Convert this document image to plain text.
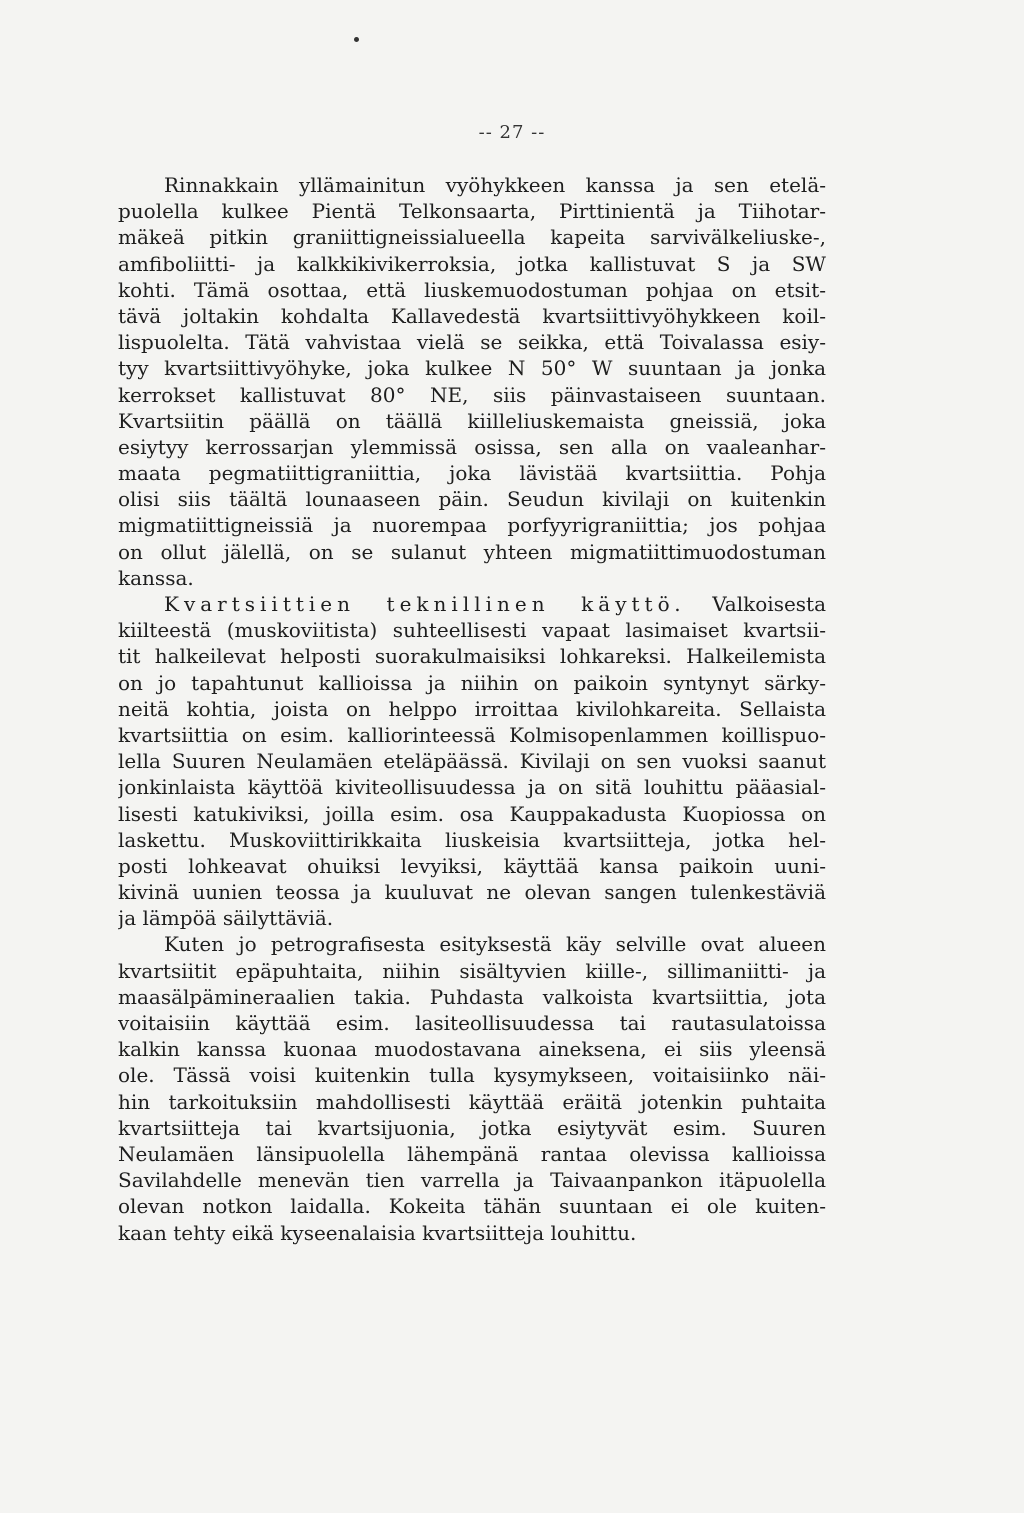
-- 27 --
Rinnakkain yllämainitun vyöhykkeen kanssa ja sen etelä-
puolella kulkee Pientä Telkonsaarta, Pirttinientä ja Tiihotar-
mäkeä pitkin graniittigneissialueella kapeita sarvivälkeliuske-,
amfiboliitti- ja kalkkikivikerroksia, jotka kallistuvat S ja SW
kohti. Tämä osottaa, että liuskemuodostuman pohjaa on etsit-
tävä joltakin kohdalta Kallavedestä kvartsiittivyöhykkeen koil-
lispuolelta. Tätä vahvistaa vielä se seikka, että Toivalassa esiy-
tyy kvartsiittivyöhyke, joka kulkee N 50° W suuntaan ja jonka
kerrokset kallistuvat 80° NE, siis päinvastaiseen suuntaan.
Kvartsiitin päällä on täällä kiilleliuskemaista gneissiä, joka
esiytyy kerrossarjan ylemmissä osissa, sen alla on vaaleanhar-
maata pegmatiittigraniittia, joka lävistää kvartsiittia. Pohja
olisi siis täältä lounaaseen päin. Seudun kivilaji on kuitenkin
migmatiittigneissiä ja nuorempaa porfyyrigraniittia; jos pohjaa
on ollut jälellä, on se sulanut yhteen migmatiittimuodostuman
kanssa.
Kvartsiittien teknillinen käyttö. Valkoisesta
kiilteestä (muskoviitista) suhteellisesti vapaat lasimaiset kvartsii-
tit halkeilevat helposti suorakulmaisiksi lohkareksi. Halkeilemista
on jo tapahtunut kallioissa ja niihin on paikoin syntynyt särky-
neitä kohtia, joista on helppo irroittaa kivilohkareita. Sellaista
kvartsiittia on esim. kalliorinteessä Kolmisopenlammen koillispuo-
lella Suuren Neulamäen eteläpäässä. Kivilaji on sen vuoksi saanut
jonkinlaista käyttöä kiviteollisuudessa ja on sitä louhittu pääasial-
lisesti katukiviksi, joilla esim. osa Kauppakadusta Kuopiossa on
laskettu. Muskoviittirikkaita liuskeisia kvartsiitteja, jotka hel-
posti lohkeavat ohuiksi levyiksi, käyttää kansa paikoin uuni-
kivinä uunien teossa ja kuuluvat ne olevan sangen tulenkestäviä
ja lämpöä säilyttäviä.
Kuten jo petrografisesta esityksestä käy selville ovat alueen
kvartsiitit epäpuhtaita, niihin sisältyvien kiille-, sillimaniitti- ja
maasälpämineraalien takia. Puhdasta valkoista kvartsiittia, jota
voitaisiin käyttää esim. lasiteollisuudessa tai rautasulatoissa
kalkin kanssa kuonaa muodostavana aineksena, ei siis yleensä
ole. Tässä voisi kuitenkin tulla kysymykseen, voitaisiinko näi-
hin tarkoituksiin mahdollisesti käyttää eräitä jotenkin puhtaita
kvartsiitteja tai kvartsijuonia, jotka esiytyvät esim. Suuren
Neulamäen länsipuolella lähempänä rantaa olevissa kallioissa
Savilahdelle menevän tien varrella ja Taivaanpankon itäpuolella
olevan notkon laidalla. Kokeita tähän suuntaan ei ole kuiten-
kaan tehty eikä kyseenalaisia kvartsiitteja louhittu.
